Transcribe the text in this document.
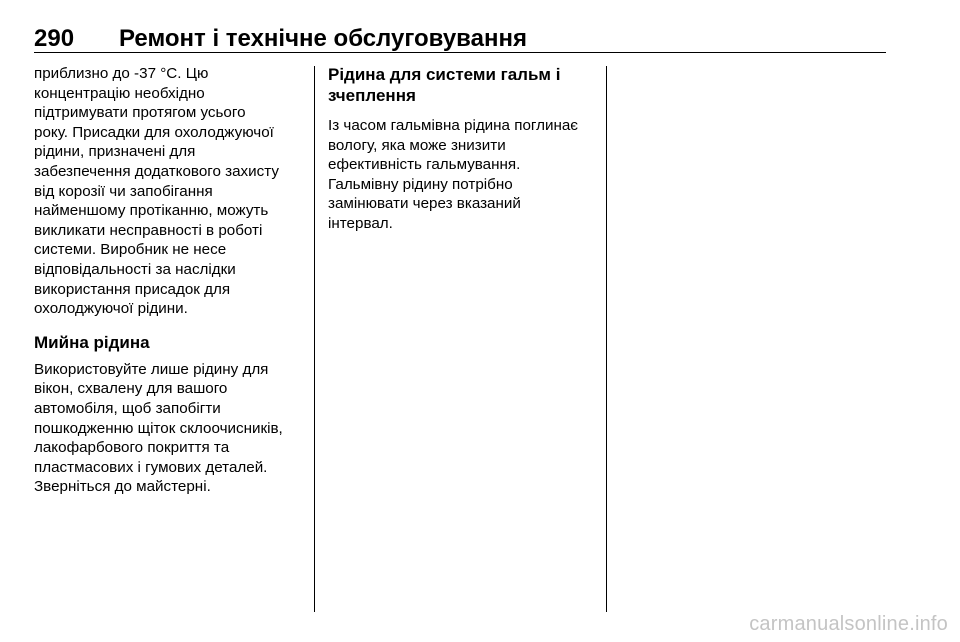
290 Ремонт і технічне обслуговування

приблизно до -37 °C. Цю
концентрацію необхідно
підтримувати протягом усього
року. Присадки для охолоджуючої
рідини, призначені для
забезпечення додаткового захисту
від корозії чи запобігання
найменшому протіканню, можуть
викликати несправності в роботі
системи. Виробник не несе
відповідальності за наслідки
використання присадок для
охолоджуючої рідини.

Мийна рідина

Використовуйте лише рідину для
вікон, схвалену для вашого
автомобіля, щоб запобігти
пошкодженню щіток склоочисників,
лакофарбового покриття та
пластмасових і гумових деталей.
Зверніться до майстерні.

Рідина для системи гальм і
зчеплення

Із часом гальмівна рідина поглинає
вологу, яка може знизити
ефективність гальмування.
Гальмівну рідину потрібно
замінювати через вказаний
інтервал.

carmanualsonline.info
